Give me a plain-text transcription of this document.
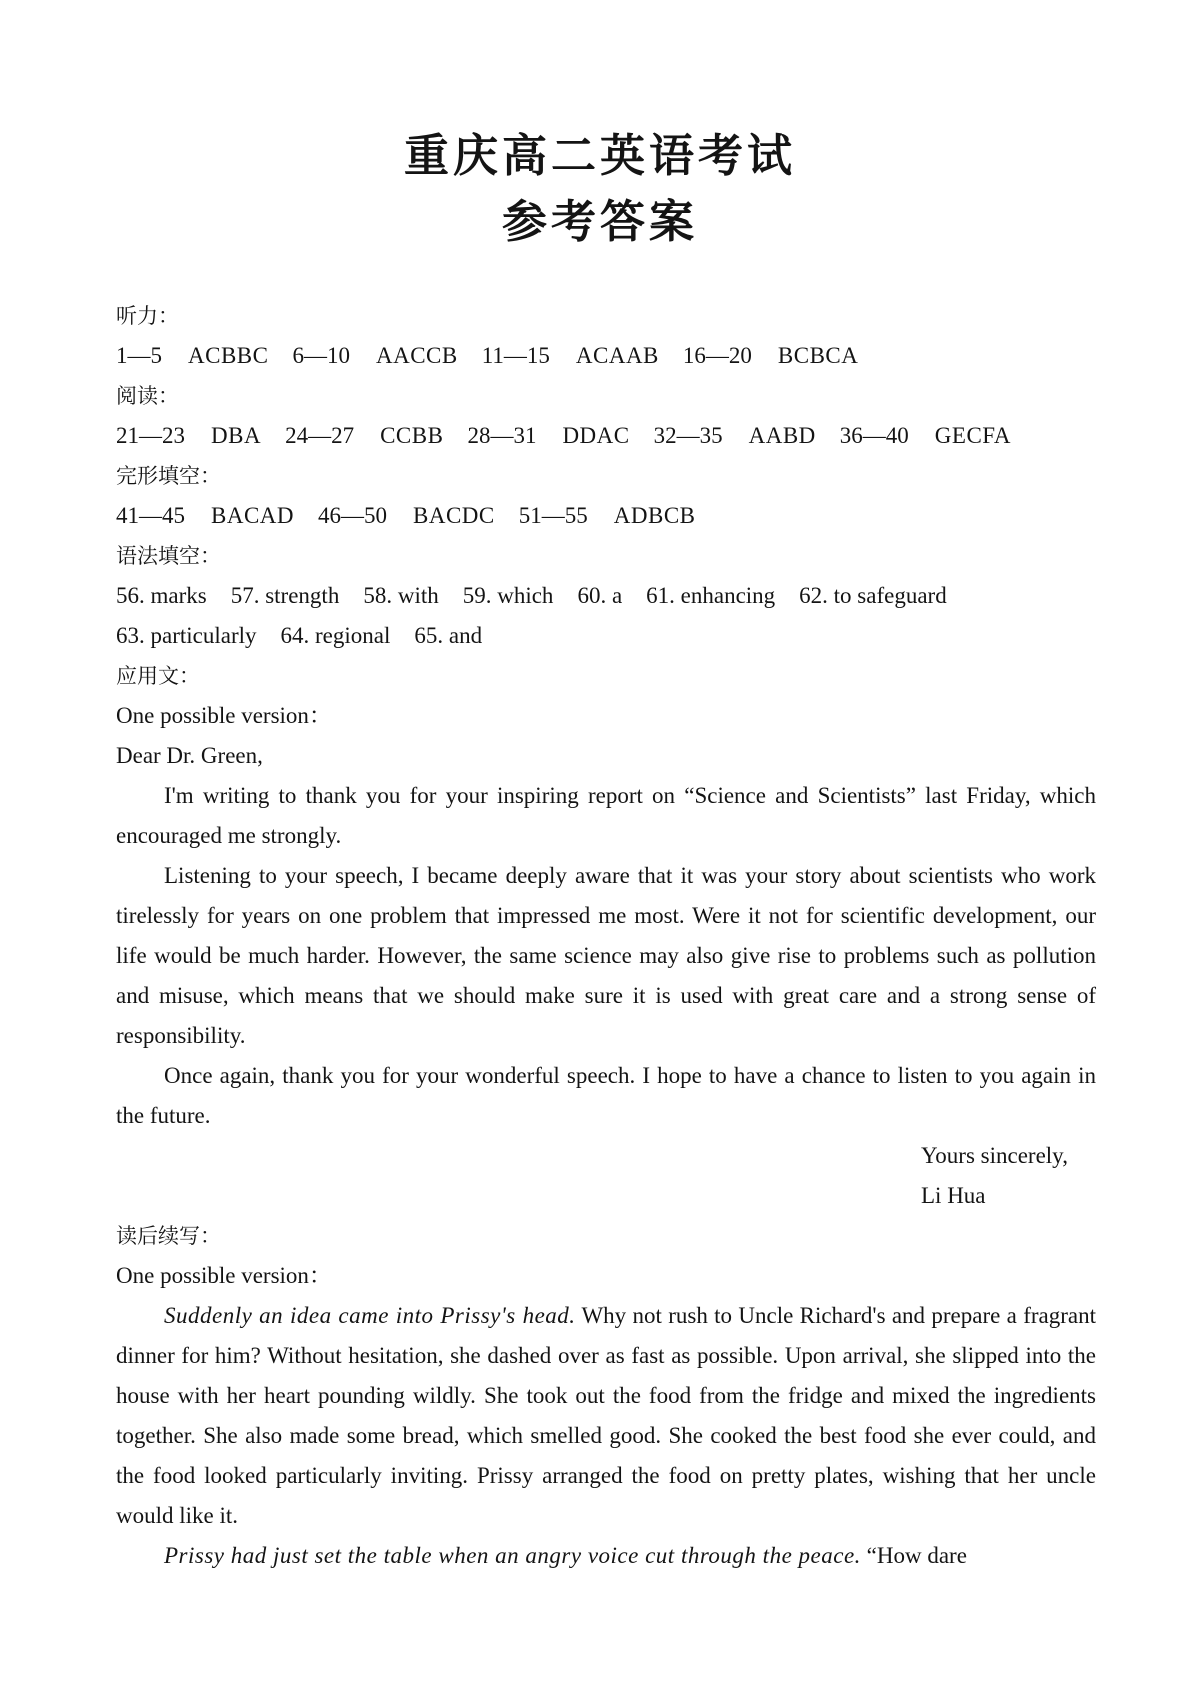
重庆高二英语考试
参考答案
听力：
1—5 ACBBC 6—10 AACCB 11—15 ACAAB 16—20 BCBCA
阅读：
21—23 DBA 24—27 CCBB 28—31 DDAC 32—35 AABD 36—40 GECFA
完形填空：
41—45 BACAD 46—50 BACDC 51—55 ADBCB
语法填空：
56. marks 57. strength 58. with 59. which 60. a 61. enhancing 62. to safeguard
63. particularly 64. regional 65. and
应用文：
One possible version：
Dear Dr. Green,

I'm writing to thank you for your inspiring report on “Science and Scientists” last Friday, which encouraged me strongly.

Listening to your speech, I became deeply aware that it was your story about scientists who work tirelessly for years on one problem that impressed me most. Were it not for scientific development, our life would be much harder. However, the same science may also give rise to problems such as pollution and misuse, which means that we should make sure it is used with great care and a strong sense of responsibility.

Once again, thank you for your wonderful speech. I hope to have a chance to listen to you again in the future.

Yours sincerely,
Li Hua
读后续写：
One possible version：

Suddenly an idea came into Prissy's head. Why not rush to Uncle Richard's and prepare a fragrant dinner for him? Without hesitation, she dashed over as fast as possible. Upon arrival, she slipped into the house with her heart pounding wildly. She took out the food from the fridge and mixed the ingredients together. She also made some bread, which smelled good. She cooked the best food she ever could, and the food looked particularly inviting. Prissy arranged the food on pretty plates, wishing that her uncle would like it.

Prissy had just set the table when an angry voice cut through the peace. “How dare
